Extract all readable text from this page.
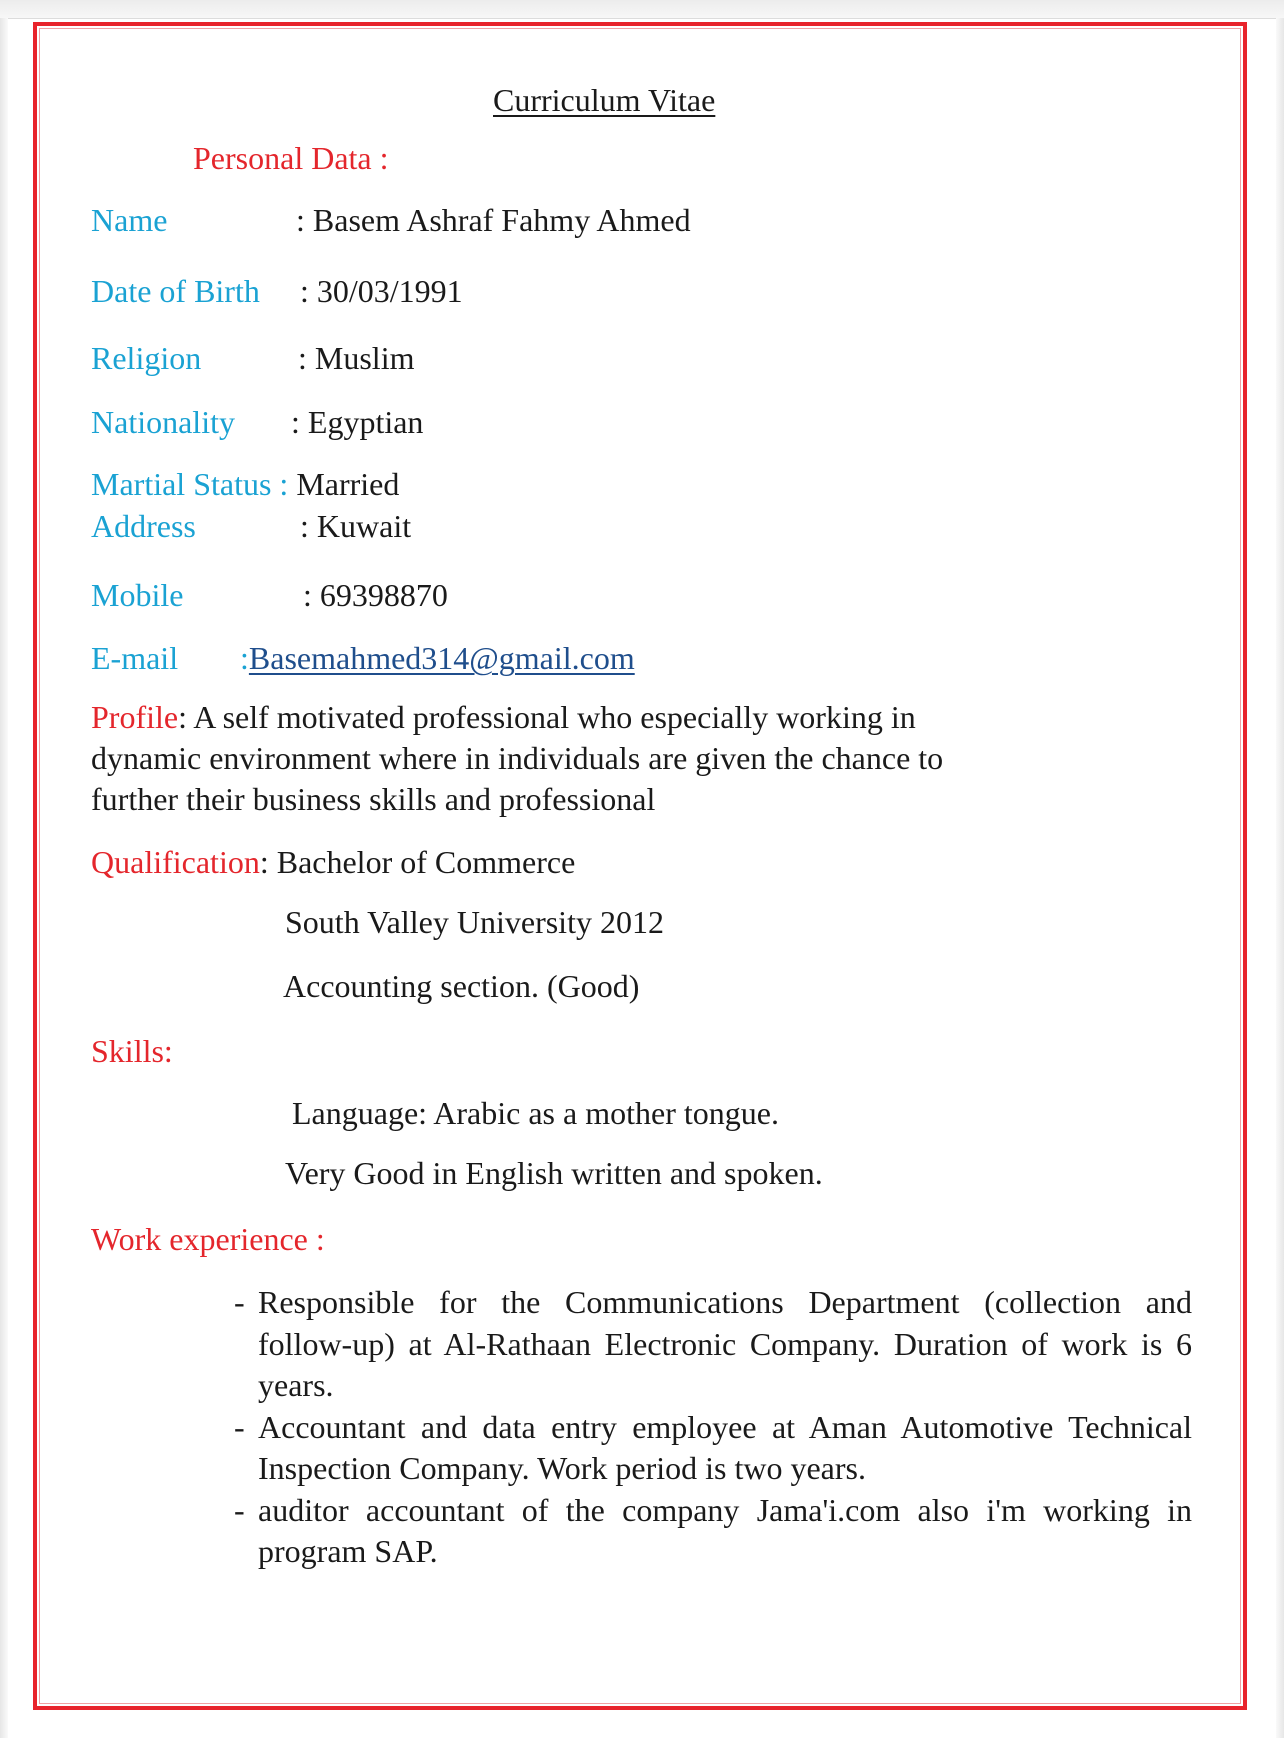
Curriculum Vitae
Personal Data :
Name	: Basem Ashraf Fahmy Ahmed
Date of Birth : 30/03/1991
Religion	: Muslim
Nationality : Egyptian
Martial Status : Married
Address	: Kuwait
Mobile	: 69398870
E-mail :Basemahmed314@gmail.com
Profile: A self motivated professional who especially working in dynamic environment where in individuals are given the chance to further their business skills and professional
Qualification: Bachelor of Commerce
South Valley University 2012
Accounting section. (Good)
Skills:
Language: Arabic as a mother tongue.
Very Good in English written and spoken.
Work experience :
- Responsible for the Communications Department (collection and follow-up) at Al-Rathaan Electronic Company. Duration of work is 6 years.
- Accountant and data entry employee at Aman Automotive Technical Inspection Company. Work period is two years.
- auditor accountant of the company Jama'i.com also i'm working in program SAP.
